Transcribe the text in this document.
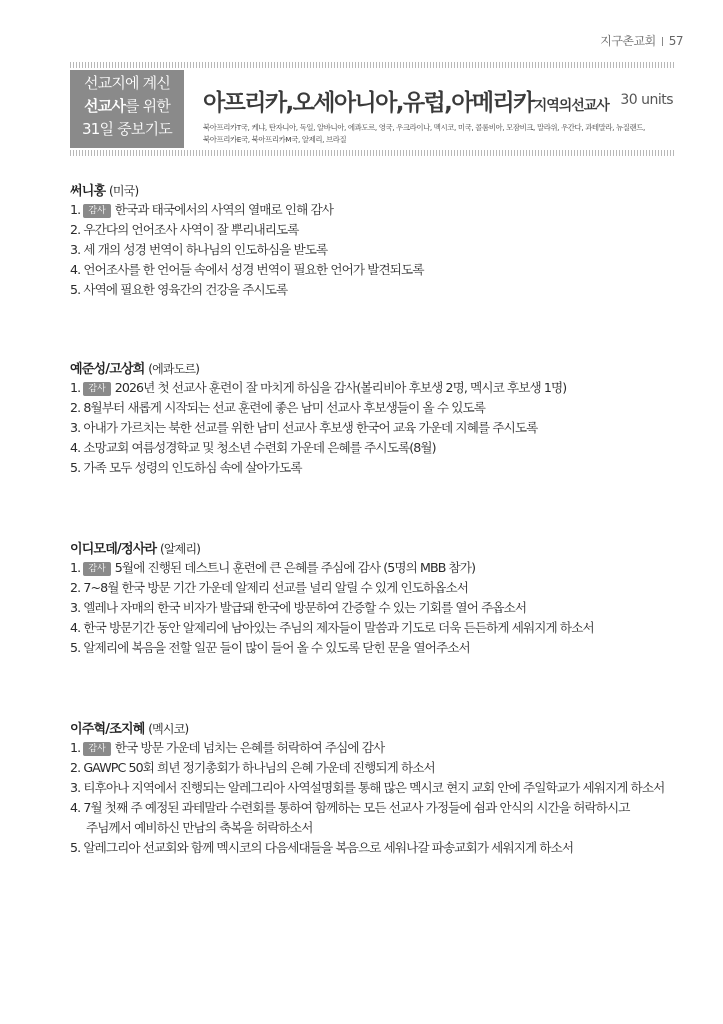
지구촌교회 57
선교지에 계신
선교사를 위한
31일 중보기도
아프리카,오세아니아,유럽,아메리카지역의선교사 30 units
북아프리카T국, 케냐, 탄자니아, 독일, 알바니아, 에콰도르, 영국, 우크라이나, 멕시코, 미국, 콜롬비아, 모잠비크, 말라위, 우간다, 과테말라, 뉴질랜드,
북아프리카E국, 북아프리카M국, 알제리, 브라질
써니홍 (미국)
1. 감사 한국과 태국에서의 사역의 열매로 인해 감사
2. 우간다의 언어조사 사역이 잘 뿌리내리도록
3. 세 개의 성경 번역이 하나님의 인도하심을 받도록
4. 언어조사를 한 언어들 속에서 성경 번역이 필요한 언어가 발견되도록
5. 사역에 필요한 영육간의 건강을 주시도록
예준성/고상희 (에콰도르)
1. 감사 2026년 첫 선교사 훈련이 잘 마치게 하심을 감사(볼리비아 후보생 2명, 멕시코 후보생 1명)
2. 8월부터 새롭게 시작되는 선교 훈련에 좋은 남미 선교사 후보생들이 올 수 있도록
3. 아내가 가르치는 북한 선교를 위한 남미 선교사 후보생 한국어 교육 가운데 지혜를 주시도록
4. 소망교회 여름성경학교 및 청소년 수련회 가운데 은혜를 주시도록(8월)
5. 가족 모두 성령의 인도하심 속에 살아가도록
이디모데/정사라 (알제리)
1. 감사 5월에 진행된 데스트니 훈련에 큰 은혜를 주심에 감사 (5명의 MBB 참가)
2. 7~8월 한국 방문 기간 가운데 알제리 선교를 널리 알릴 수 있게 인도하옵소서
3. 엘레나 자매의 한국 비자가 발급돼 한국에 방문하여 간증할 수 있는 기회를 열어 주옵소서
4. 한국 방문기간 동안 알제리에 남아있는 주님의 제자들이 말씀과 기도로 더욱 든든하게 세워지게 하소서
5. 알제리에 복음을 전할 일꾼 들이 많이 들어 올 수 있도록 닫힌 문을 열어주소서
이주혁/조지혜 (멕시코)
1. 감사 한국 방문 가운데 넘치는 은혜를 허락하여 주심에 감사
2. GAWPC 50회 희년 정기총회가 하나님의 은혜 가운데 진행되게 하소서
3. 티후아나 지역에서 진행되는 알레그리아 사역설명회를 통해 많은 멕시코 현지 교회 안에 주일학교가 세워지게 하소서
4. 7월 첫째 주 예정된 과테말라 수련회를 통하여 함께하는 모든 선교사 가정들에 쉼과 안식의 시간을 허락하시고
주님께서 예비하신 만남의 축복을 허락하소서
5. 알레그리아 선교회와 함께 멕시코의 다음세대들을 복음으로 세워나갈 파송교회가 세워지게 하소서
